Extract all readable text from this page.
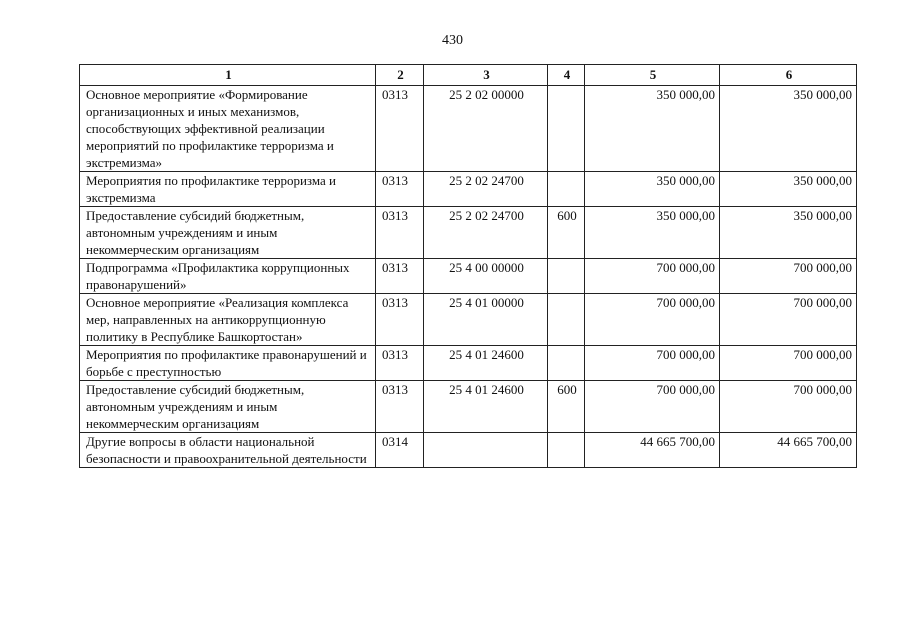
430
1	2	3	4	5	6
Основное мероприятие «Формирование организационных и иных механизмов, способствующих эффективной реализации мероприятий по профилактике терроризма и экстремизма»	0313	25 2 02 00000		350 000,00	350 000,00
Мероприятия по профилактике терроризма и экстремизма	0313	25 2 02 24700		350 000,00	350 000,00
Предоставление субсидий бюджетным, автономным учреждениям и иным некоммерческим организациям	0313	25 2 02 24700	600	350 000,00	350 000,00
Подпрограмма «Профилактика коррупционных правонарушений»	0313	25 4 00 00000		700 000,00	700 000,00
Основное мероприятие «Реализация комплекса мер, направленных на антикоррупционную политику в Республике Башкортостан»	0313	25 4 01 00000		700 000,00	700 000,00
Мероприятия по профилактике правонарушений и борьбе с преступностью	0313	25 4 01 24600		700 000,00	700 000,00
Предоставление субсидий бюджетным, автономным учреждениям и иным некоммерческим организациям	0313	25 4 01 24600	600	700 000,00	700 000,00
Другие вопросы в области национальной безопасности и правоохранительной деятельности	0314			44 665 700,00	44 665 700,00
